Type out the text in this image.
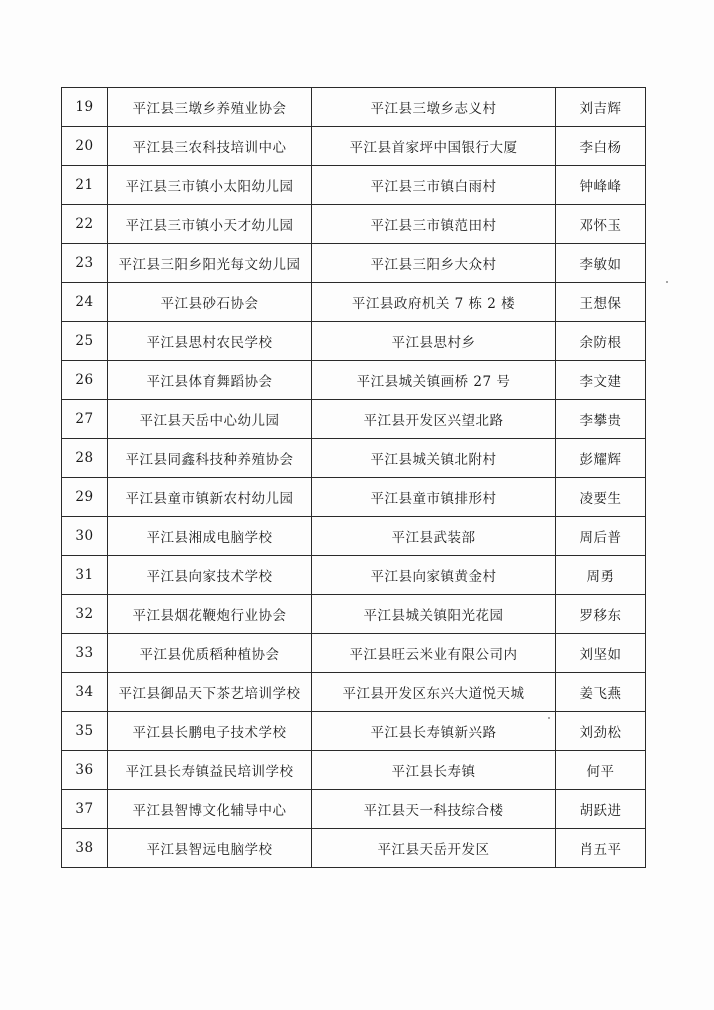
19	平江县三墩乡养殖业协会	平江县三墩乡志义村	刘吉辉
20	平江县三农科技培训中心	平江县首家坪中国银行大厦	李白杨
21	平江县三市镇小太阳幼儿园	平江县三市镇白雨村	钟峰峰
22	平江县三市镇小天才幼儿园	平江县三市镇范田村	邓怀玉
23	平江县三阳乡阳光每文幼儿园	平江县三阳乡大众村	李敏如
24	平江县砂石协会	平江县政府机关 7 栋 2 楼	王想保
25	平江县思村农民学校	平江县思村乡	余防根
26	平江县体育舞蹈协会	平江县城关镇画桥 27 号	李文建
27	平江县天岳中心幼儿园	平江县开发区兴望北路	李攀贵
28	平江县同鑫科技种养殖协会	平江县城关镇北附村	彭耀辉
29	平江县童市镇新农村幼儿园	平江县童市镇排形村	凌要生
30	平江县湘成电脑学校	平江县武装部	周后普
31	平江县向家技术学校	平江县向家镇黄金村	周勇
32	平江县烟花鞭炮行业协会	平江县城关镇阳光花园	罗移东
33	平江县优质稻种植协会	平江县旺云米业有限公司内	刘坚如
34	平江县御品天下茶艺培训学校	平江县开发区东兴大道悦天城	姜飞燕
35	平江县长鹏电子技术学校	平江县长寿镇新兴路	刘劲松
36	平江县长寿镇益民培训学校	平江县长寿镇	何平
37	平江县智博文化辅导中心	平江县天一科技综合楼	胡跃进
38	平江县智远电脑学校	平江县天岳开发区	肖五平
